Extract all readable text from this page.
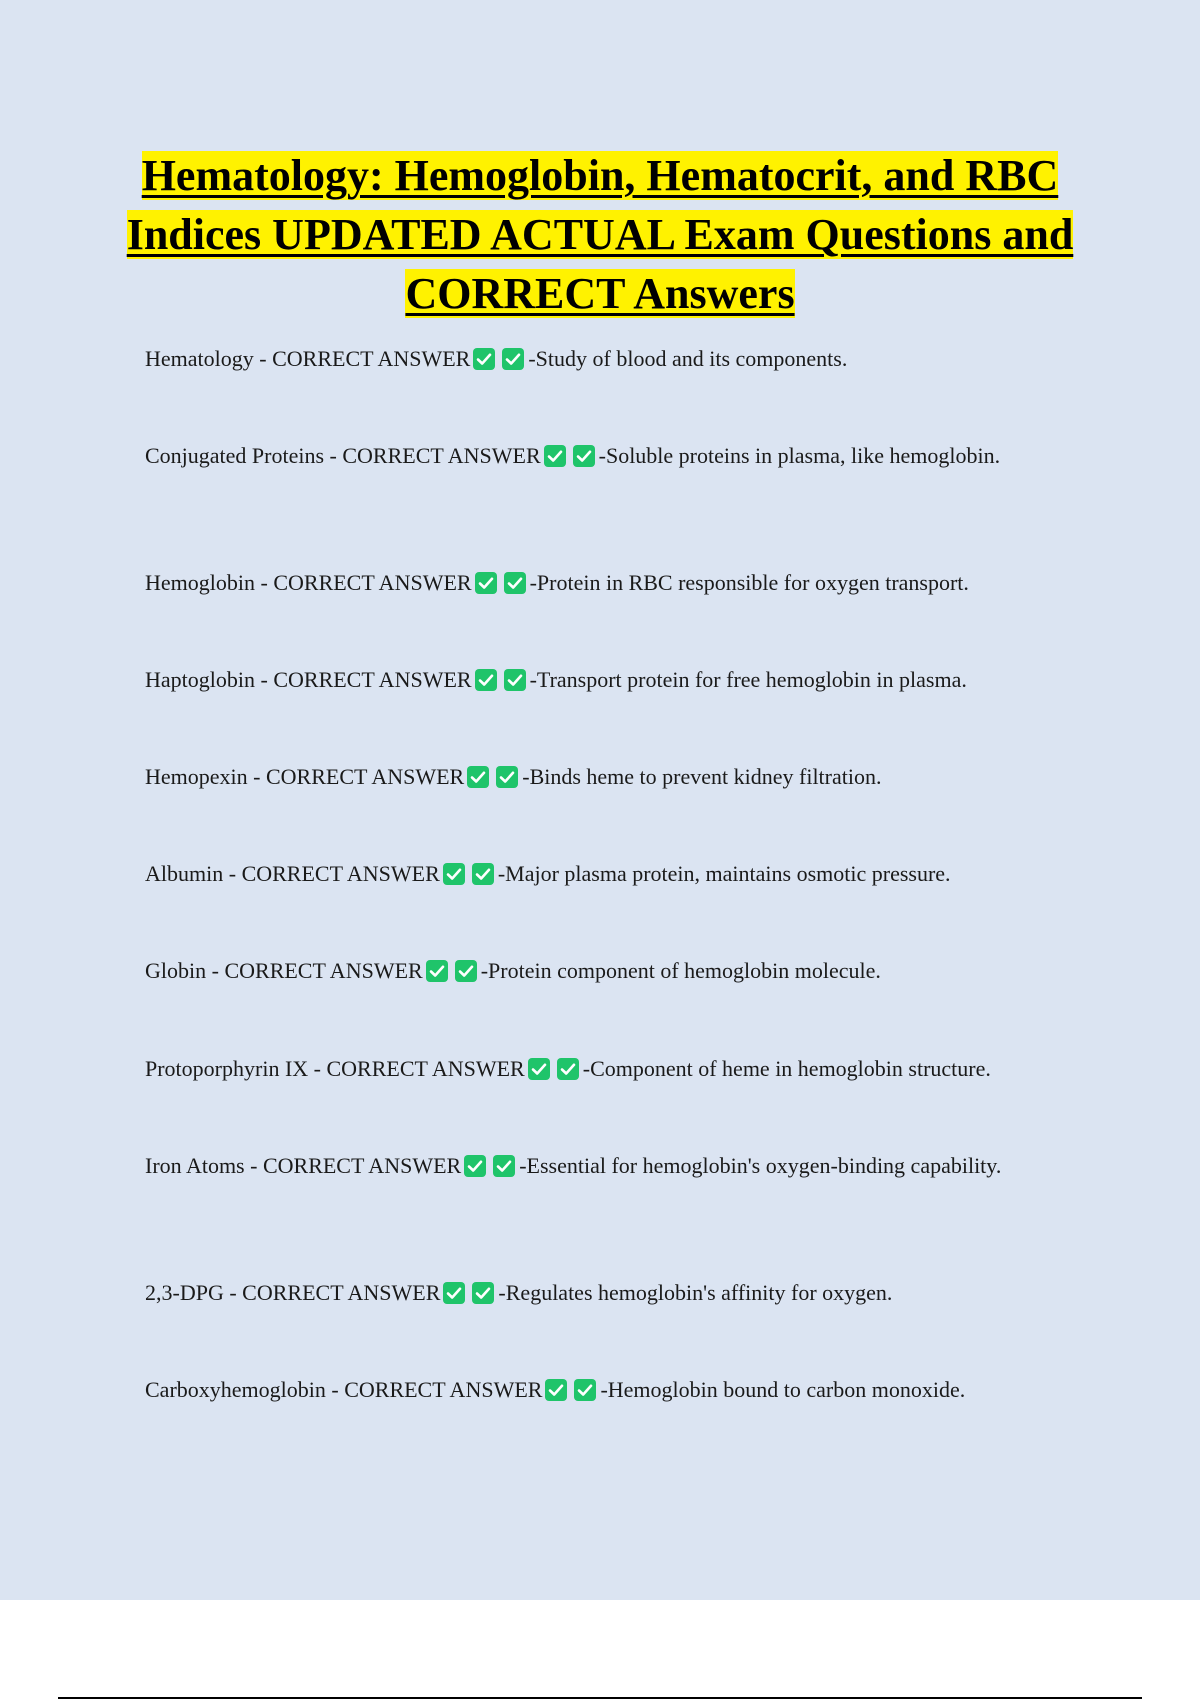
Hematology: Hemoglobin, Hematocrit, and RBC Indices UPDATED ACTUAL Exam Questions and CORRECT Answers

Hematology - CORRECT ANSWER	-Study of blood and its components.

Conjugated Proteins - CORRECT ANSWER	-Soluble proteins in plasma, like hemoglobin.

Hemoglobin - CORRECT ANSWER	-Protein in RBC responsible for oxygen transport.

Haptoglobin - CORRECT ANSWER	-Transport protein for free hemoglobin in plasma.

Hemopexin - CORRECT ANSWER	-Binds heme to prevent kidney filtration.

Albumin - CORRECT ANSWER	-Major plasma protein, maintains osmotic pressure.

Globin - CORRECT ANSWER	-Protein component of hemoglobin molecule.

Protoporphyrin IX - CORRECT ANSWER	-Component of heme in hemoglobin structure.

Iron Atoms - CORRECT ANSWER	-Essential for hemoglobin's oxygen-binding capability.

2,3-DPG - CORRECT ANSWER	-Regulates hemoglobin's affinity for oxygen.

Carboxyhemoglobin - CORRECT ANSWER	-Hemoglobin bound to carbon monoxide.
